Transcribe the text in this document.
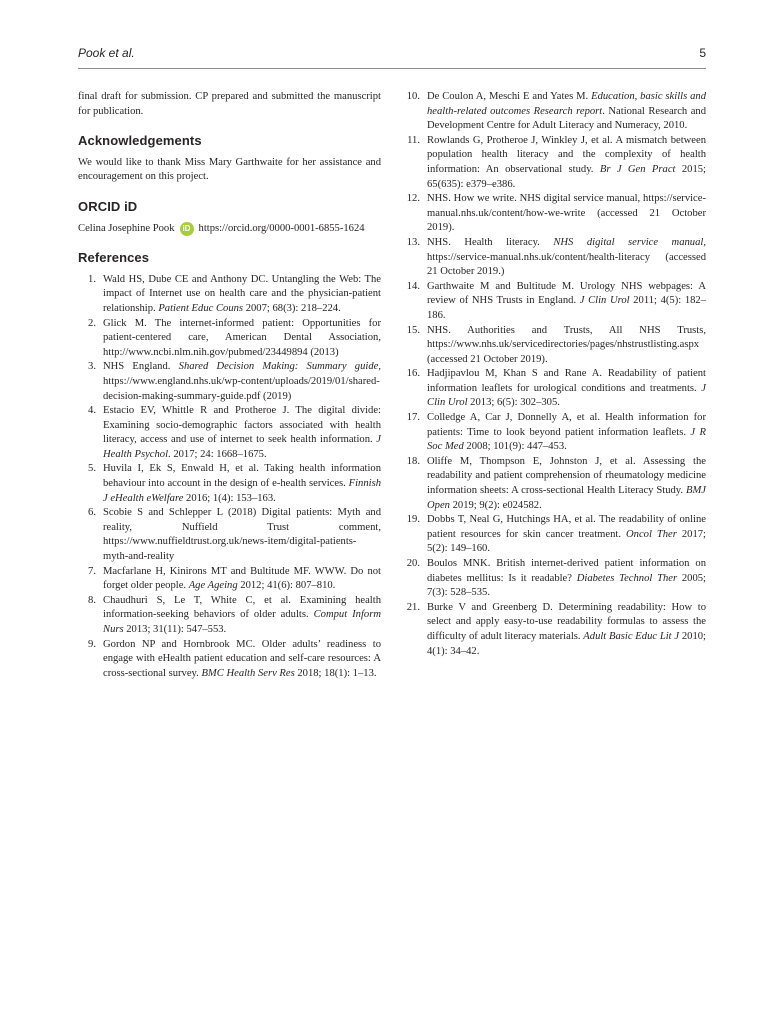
Pook et al.	5

final draft for submission. CP prepared and submitted the manuscript for publication.

Acknowledgements

We would like to thank Miss Mary Garthwaite for her assistance and encouragement on this project.

ORCID iD
Celina Josephine Pook iD https://orcid.org/0000-0001-6855-1624
References
1. Wald HS, Dube CE and Anthony DC. Untangling the Web: The impact of Internet use on health care and the physician-patient relationship. Patient Educ Couns 2007; 68(3): 218–224.
2. Glick M. The internet-informed patient: Opportunities for patient-centered care, American Dental Association, http://www.ncbi.nlm.nih.gov/pubmed/23449894 (2013)
3. NHS England. Shared Decision Making: Summary guide, https://www.england.nhs.uk/wp-content/uploads/2019/01/shared-decision-making-summary-guide.pdf (2019)
4. Estacio EV, Whittle R and Protheroe J. The digital divide: Examining socio-demographic factors associated with health literacy, access and use of internet to seek health information. J Health Psychol. 2017; 24: 1668–1675.
5. Huvila I, Ek S, Enwald H, et al. Taking health information behaviour into account in the design of e-health services. Finnish J eHealth eWelfare 2016; 1(4): 153–163.
6. Scobie S and Schlepper L (2018) Digital patients: Myth and reality, Nuffield Trust comment, https://www.nuffieldtrust.org.uk/news-item/digital-patients-myth-and-reality
7. Macfarlane H, Kinirons MT and Bultitude MF. WWW. Do not forget older people. Age Ageing 2012; 41(6): 807–810.
8. Chaudhuri S, Le T, White C, et al. Examining health information-seeking behaviors of older adults. Comput Inform Nurs 2013; 31(11): 547–553.
9. Gordon NP and Hornbrook MC. Older adults’ readiness to engage with eHealth patient education and self-care resources: A cross-sectional survey. BMC Health Serv Res 2018; 18(1): 1–13.
10. De Coulon A, Meschi E and Yates M. Education, basic skills and health-related outcomes Research report. National Research and Development Centre for Adult Literacy and Numeracy, 2010.
11. Rowlands G, Protheroe J, Winkley J, et al. A mismatch between population health literacy and the complexity of health information: An observational study. Br J Gen Pract 2015; 65(635): e379–e386.
12. NHS. How we write. NHS digital service manual, https://service-manual.nhs.uk/content/how-we-write (accessed 21 October 2019).
13. NHS. Health literacy. NHS digital service manual, https://service-manual.nhs.uk/content/health-literacy (accessed 21 October 2019.)
14. Garthwaite M and Bultitude M. Urology NHS webpages: A review of NHS Trusts in England. J Clin Urol 2011; 4(5): 182–186.
15. NHS. Authorities and Trusts, All NHS Trusts, https://www.nhs.uk/servicedirectories/pages/nhstrustlisting.aspx (accessed 21 October 2019).
16. Hadjipavlou M, Khan S and Rane A. Readability of patient information leaflets for urological conditions and treatments. J Clin Urol 2013; 6(5): 302–305.
17. Colledge A, Car J, Donnelly A, et al. Health information for patients: Time to look beyond patient information leaflets. J R Soc Med 2008; 101(9): 447–453.
18. Oliffe M, Thompson E, Johnston J, et al. Assessing the readability and patient comprehension of rheumatology medicine information sheets: A cross-sectional Health Literacy Study. BMJ Open 2019; 9(2): e024582.
19. Dobbs T, Neal G, Hutchings HA, et al. The readability of online patient resources for skin cancer treatment. Oncol Ther 2017; 5(2): 149–160.
20. Boulos MNK. British internet-derived patient information on diabetes mellitus: Is it readable? Diabetes Technol Ther 2005; 7(3): 528–535.
21. Burke V and Greenberg D. Determining readability: How to select and apply easy-to-use readability formulas to assess the difficulty of adult literacy materials. Adult Basic Educ Lit J 2010; 4(1): 34–42.
